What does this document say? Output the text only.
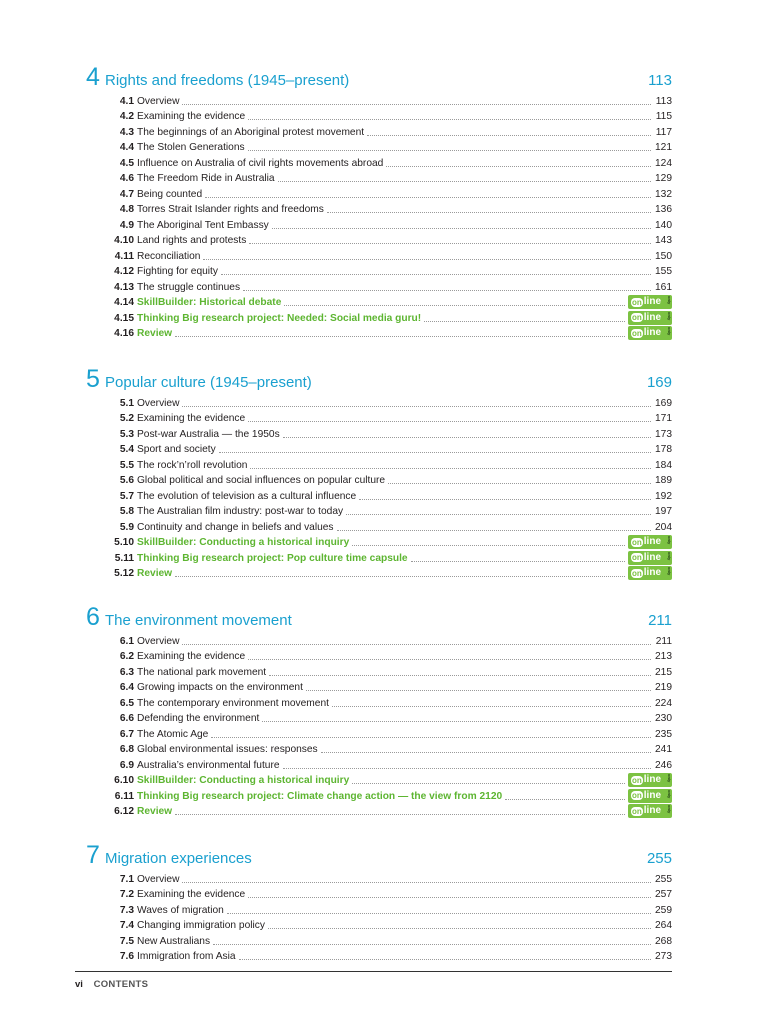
4 Rights and freedoms (1945–present)	113
4.1 Overview	113
4.2 Examining the evidence	115
4.3 The beginnings of an Aboriginal protest movement	117
4.4 The Stolen Generations	121
4.5 Influence on Australia of civil rights movements abroad	124
4.6 The Freedom Ride in Australia	129
4.7 Being counted	132
4.8 Torres Strait Islander rights and freedoms	136
4.9 The Aboriginal Tent Embassy	140
4.10 Land rights and protests	143
4.11 Reconciliation	150
4.12 Fighting for equity	155
4.13 The struggle continues	161
4.14 SkillBuilder: Historical debate	on line only
4.15 Thinking Big research project: Needed: Social media guru!	on line only
4.16 Review	on line only
5 Popular culture (1945–present)	169
5.1 Overview	169
5.2 Examining the evidence	171
5.3 Post-war Australia — the 1950s	173
5.4 Sport and society	178
5.5 The rock’n’roll revolution	184
5.6 Global political and social influences on popular culture	189
5.7 The evolution of television as a cultural influence	192
5.8 The Australian film industry: post-war to today	197
5.9 Continuity and change in beliefs and values	204
5.10 SkillBuilder: Conducting a historical inquiry	on line only
5.11 Thinking Big research project: Pop culture time capsule	on line only
5.12 Review	on line only
6 The environment movement	211
6.1 Overview	211
6.2 Examining the evidence	213
6.3 The national park movement	215
6.4 Growing impacts on the environment	219
6.5 The contemporary environment movement	224
6.6 Defending the environment	230
6.7 The Atomic Age	235
6.8 Global environmental issues: responses	241
6.9 Australia’s environmental future	246
6.10 SkillBuilder: Conducting a historical inquiry	on line only
6.11 Thinking Big research project: Climate change action — the view from 2120	on line only
6.12 Review	on line only
7 Migration experiences	255
7.1 Overview	255
7.2 Examining the evidence	257
7.3 Waves of migration	259
7.4 Changing immigration policy	264
7.5 New Australians	268
7.6 Immigration from Asia	273
vi CONTENTS
